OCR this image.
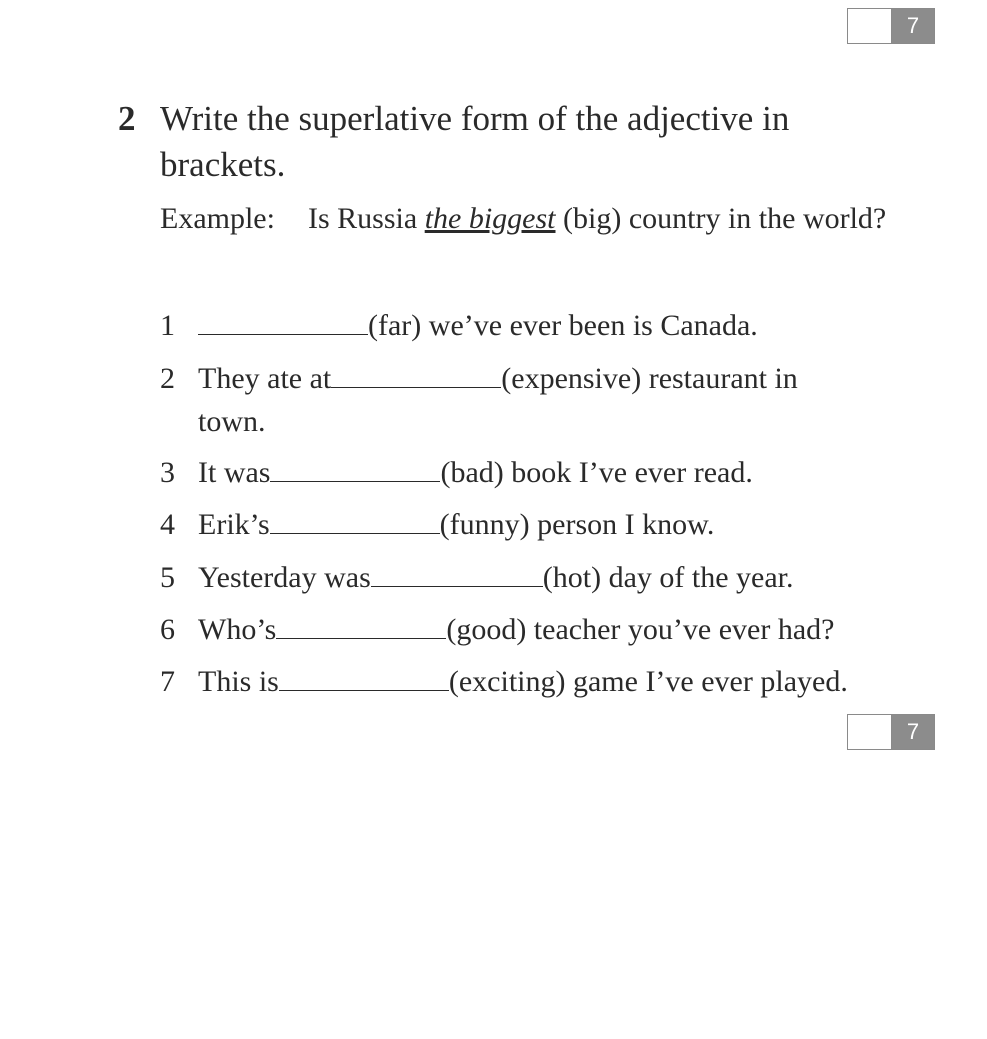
7
2 Write the superlative form of the adjective in brackets.
Example: Is Russia the biggest (big) country in the world?
1	(far) we’ve ever been is Canada.
2 They ate at	(expensive) restaurant in
town.
3 It was	(bad) book I’ve ever read.
4 Erik’s	(funny) person I know.
5 Yesterday was	(hot) day of the year.
6 Who’s	(good) teacher you’ve ever had?
7 This is	(exciting) game I’ve ever played.
7
